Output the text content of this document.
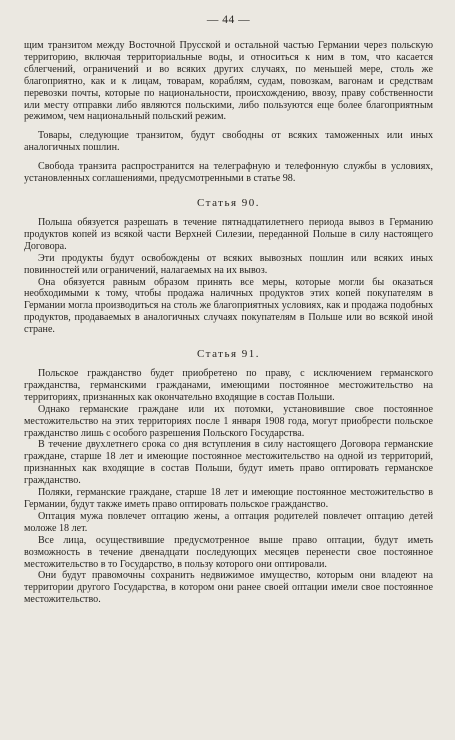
— 44 —

щим транзитом между Восточной Прусской и остальной частью Германии через польскую территорию, включая территориальные воды, и относиться к ним в том, что касается сблегчений, ограничений и во всяких других случаях, по меньшей мере, столь же благоприятно, как и к лицам, товарам, кораблям, судам, повозкам, вагонам и средствам перевозки почты, которые по национальности, происхождению, ввозу, праву собственности или месту отправки либо являются польскими, либо пользуются еще более благоприятным режимом, чем национальный польский режим.

Товары, следующие транзитом, будут свободны от всяких таможенных или иных аналогичных пошлин.

Свобода транзита распространится на телеграфную и телефонную службы в условиях, установленных соглашениями, предусмотренными в статье 98.

Статья 90.

Польша обязуется разрешать в течение пятнадцатилетнего периода вывоз в Германию продуктов копей из всякой части Верхней Силезии, переданной Польше в силу настоящего Договора.

Эти продукты будут освобождены от всяких вывозных пошлин или всяких иных повинностей или ограничений, налагаемых на их вывоз.

Она обязуется равным образом принять все меры, которые могли бы оказаться необходимыми к тому, чтобы продажа наличных продуктов этих копей покупателям в Германии могла производиться на столь же благоприятных условиях, как и продажа подобных продуктов, продаваемых в аналогичных случаях покупателям в Польше или во всякой иной стране.

Статья 91.

Польское гражданство будет приобретено по праву, с исключением германского гражданства, германскими гражданами, имеющими постоянное местожительство на территориях, признанных как окончательно входящие в состав Польши.

Однако германские граждане или их потомки, установившие свое постоянное местожительство на этих территориях после 1 января 1908 года, могут приобрести польское гражданство лишь с особого разрешения Польского Государства.

В течение двухлетнего срока со дня вступления в силу настоящего Договора германские граждане, старше 18 лет и имеющие постоянное местожительство на одной из территорий, признанных как входящие в состав Польши, будут иметь право оптировать германское гражданство.

Поляки, германские граждане, старше 18 лет и имеющие постоянное местожительство в Германии, будут также иметь право оптировать польское гражданство.

Оптация мужа повлечет оптацию жены, а оптация родителей повлечет оптацию детей моложе 18 лет.

Все лица, осуществившие предусмотренное выше право оптации, будут иметь возможность в течение двенадцати последующих месяцев перенести свое постоянное местожительство в то Государство, в пользу которого они оптировали.

Они будут правомочны сохранить недвижимое имущество, которым они владеют на территории другого Государства, в котором они ранее своей оптации имели свое постоянное местожительство.
